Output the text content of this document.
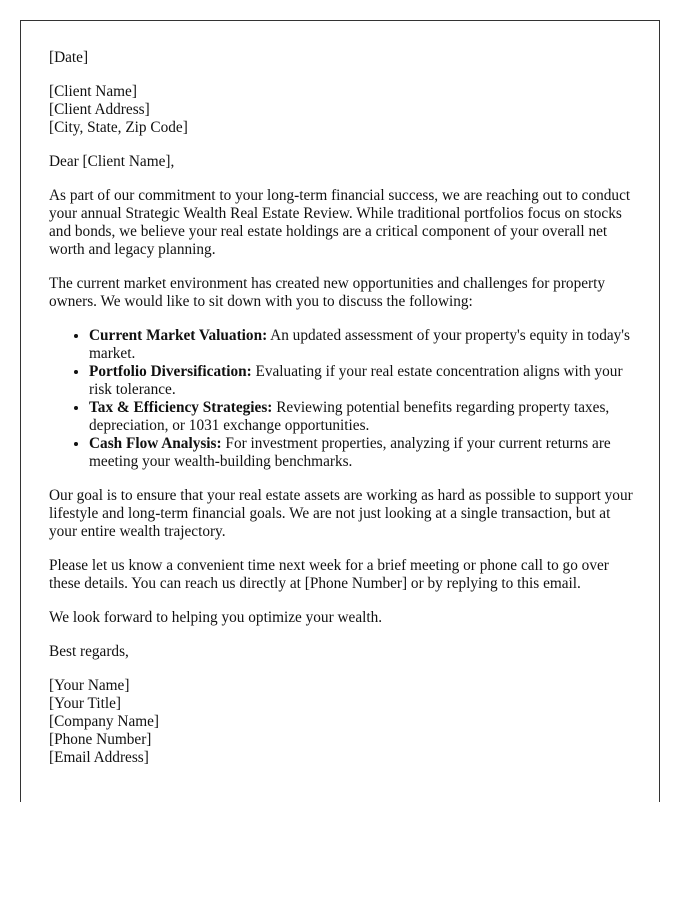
[Date]

[Client Name]
[Client Address]
[City, State, Zip Code]

Dear [Client Name],

As part of our commitment to your long-term financial success, we are reaching out to conduct your annual Strategic Wealth Real Estate Review. While traditional portfolios focus on stocks and bonds, we believe your real estate holdings are a critical component of your overall net worth and legacy planning.

The current market environment has created new opportunities and challenges for property owners. We would like to sit down with you to discuss the following:

• Current Market Valuation: An updated assessment of your property's equity in today's market.
• Portfolio Diversification: Evaluating if your real estate concentration aligns with your risk tolerance.
• Tax & Efficiency Strategies: Reviewing potential benefits regarding property taxes, depreciation, or 1031 exchange opportunities.
• Cash Flow Analysis: For investment properties, analyzing if your current returns are meeting your wealth-building benchmarks.

Our goal is to ensure that your real estate assets are working as hard as possible to support your lifestyle and long-term financial goals. We are not just looking at a single transaction, but at your entire wealth trajectory.

Please let us know a convenient time next week for a brief meeting or phone call to go over these details. You can reach us directly at [Phone Number] or by replying to this email.

We look forward to helping you optimize your wealth.

Best regards,

[Your Name]
[Your Title]
[Company Name]
[Phone Number]
[Email Address]
